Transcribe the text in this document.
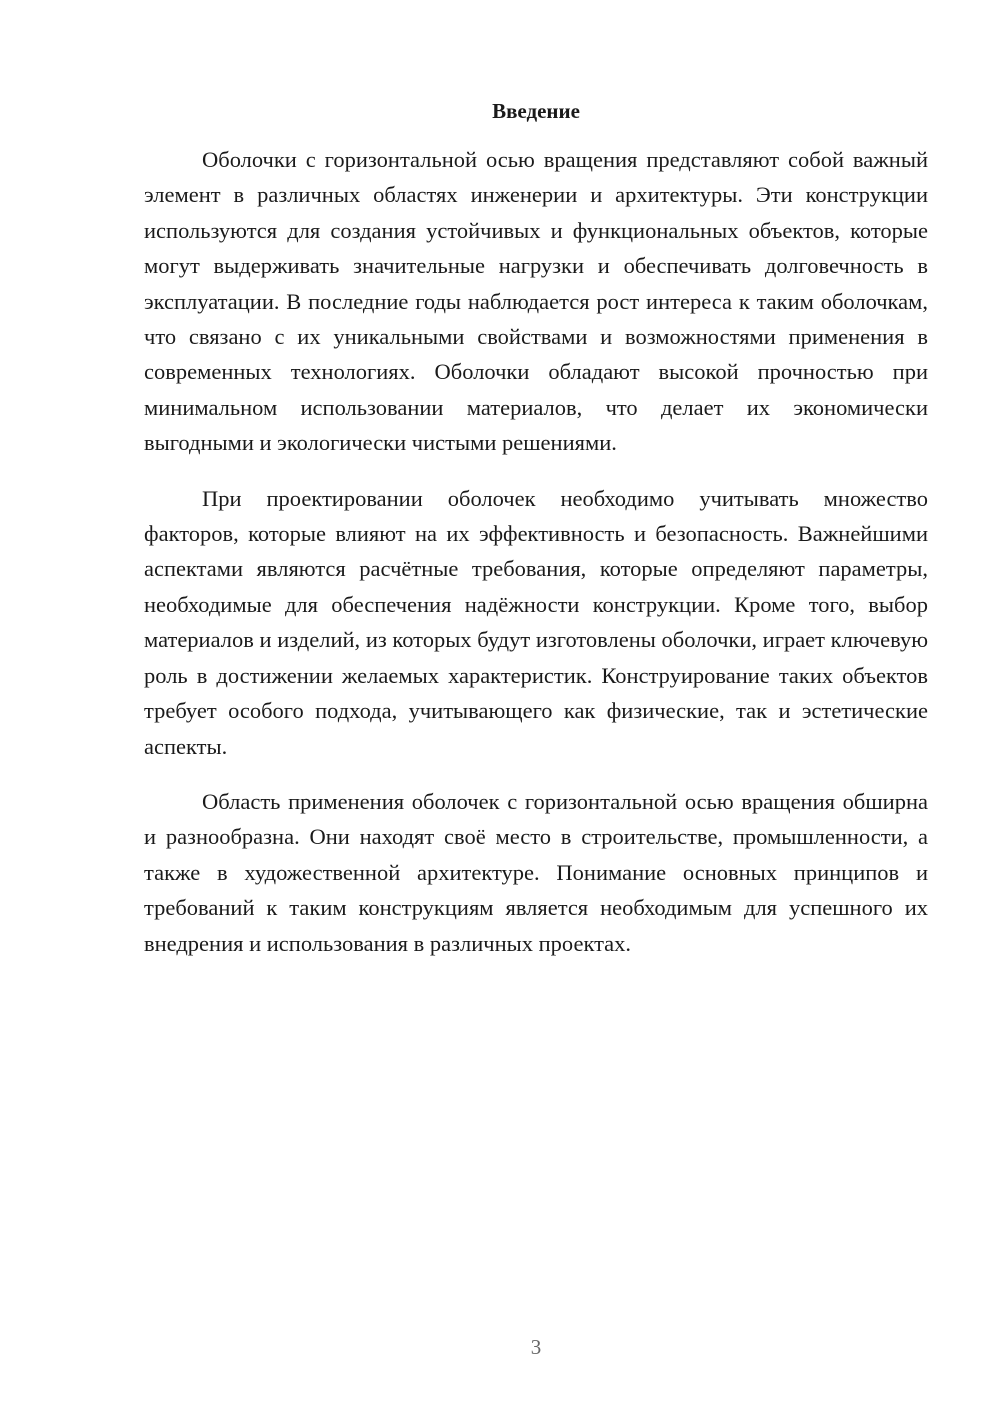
Введение

Оболочки с горизонтальной осью вращения представляют собой важный элемент в различных областях инженерии и архитектуры. Эти конструкции используются для создания устойчивых и функциональных объектов, которые могут выдерживать значительные нагрузки и обеспечивать долговечность в эксплуатации. В последние годы наблюдается рост интереса к таким оболочкам, что связано с их уникальными свойствами и возможностями применения в современных технологиях. Оболочки обладают высокой прочностью при минимальном использовании материалов, что делает их экономически выгодными и экологически чистыми решениями.

При проектировании оболочек необходимо учитывать множество факторов, которые влияют на их эффективность и безопасность. Важнейшими аспектами являются расчётные требования, которые определяют параметры, необходимые для обеспечения надёжности конструкции. Кроме того, выбор материалов и изделий, из которых будут изготовлены оболочки, играет ключевую роль в достижении желаемых характеристик. Конструирование таких объектов требует особого подхода, учитывающего как физические, так и эстетические аспекты.

Область применения оболочек с горизонтальной осью вращения обширна и разнообразна. Они находят своё место в строительстве, промышленности, а также в художественной архитектуре. Понимание основных принципов и требований к таким конструкциям является необходимым для успешного их внедрения и использования в различных проектах.

3
